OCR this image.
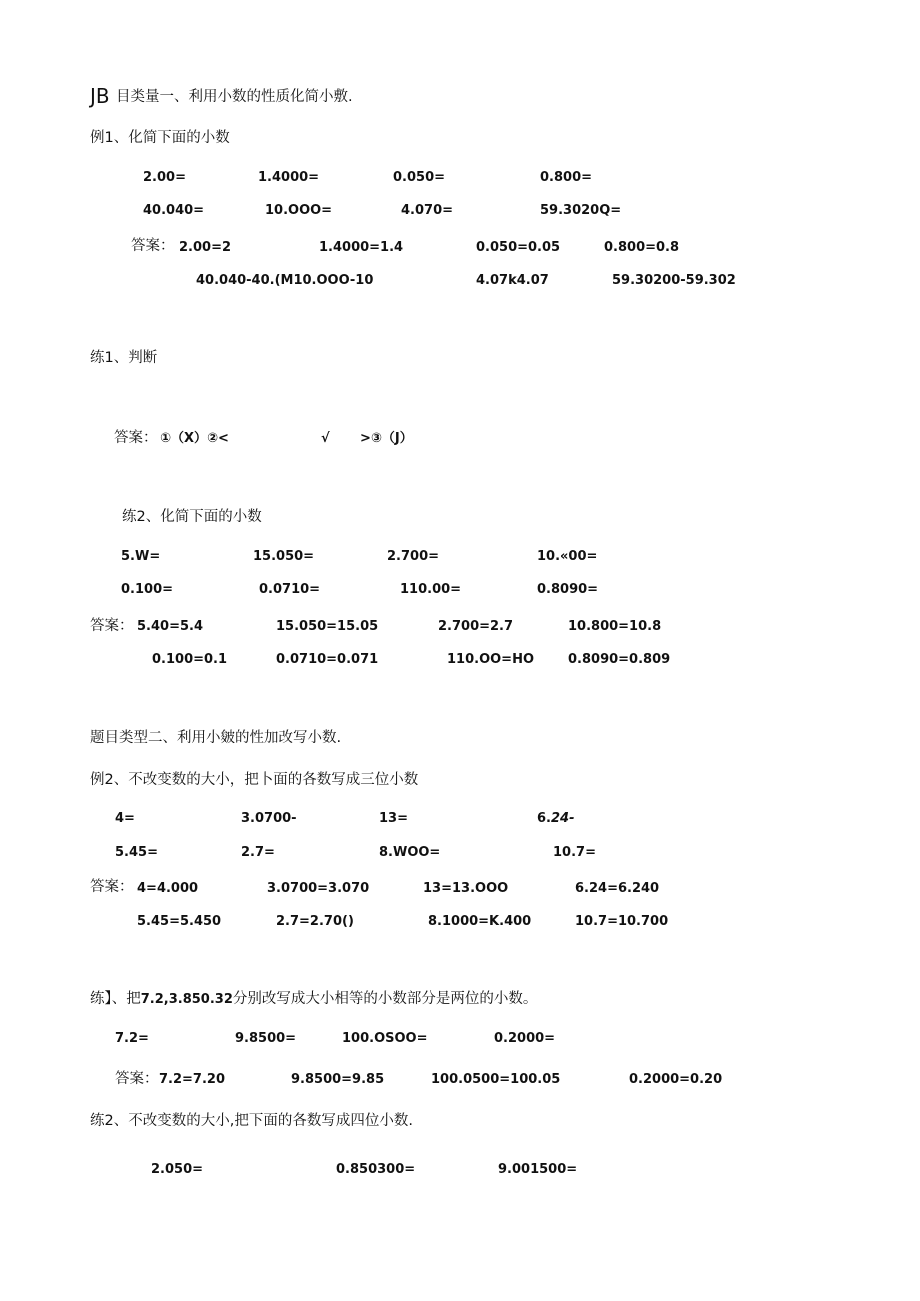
JB 目类量一、利用小数的性质化简小敷.
例1、化简下面的小数
2.00=	1.4000=	0.050=	0.800=
40.040=	10.OOO=	4.070=	59.3020Q=
答案： 2.00=2	1.4000=1.4	0.050=0.05	0.800=0.8
40.040-40.(M10.OOO-10	4.07k4.07	59.30200-59.302
练1、判断
答案： ①（X）②<	√ >③（J）
练2、化简下面的小数
5.W=	15.050=	2.700=	10.«00=
0.100=	0.0710=	110.00=	0.8090=
答案： 5.40=5.4	15.050=15.05	2.700=2.7	10.800=10.8
0.100=0.1	0.0710=0.071	110.OO=HO	0.8090=0.809
题目类型二、利用小皴的性加改写小数.
例2、不改变数的大小，把卜面的各数写成三位小数
4=	3.0700-	13=	6.24-
5.45=	2.7=	8.WOO=	10.7=
答案： 4=4.000	3.0700=3.070	13=13.OOO	6.24=6.240
5.45=5.450	2.7=2.70()	8.1000=K.400	10.7=10.700
练】、把7.2,3.850.32分别改写成大小相等的小数部分是两位的小数。
7.2=	9.8500=	100.OSOO=	0.2000=
答案： 7.2=7.20	9.8500=9.85	100.0500=100.05	0.2000=0.20
练2、不改变数的大小,把下面的各数写成四位小数.
2.050=	0.850300=	9.001500=
